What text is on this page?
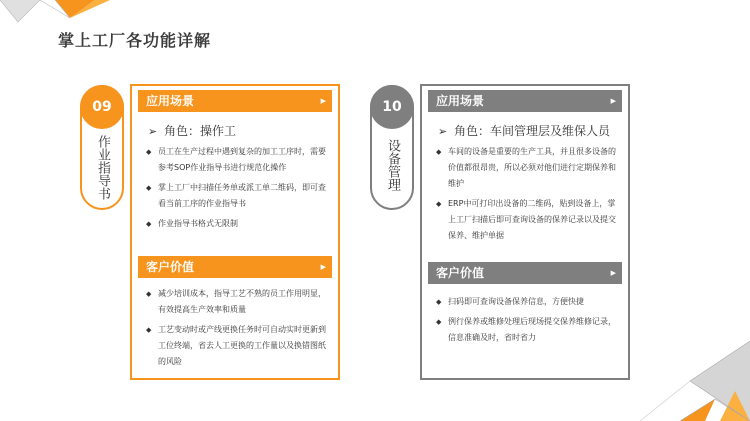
掌上工厂各功能详解
09
作业指导书
应用场景	▶
➢ 角色：操作工
◆ 员工在生产过程中遇到复杂的加工工序时，需要参考SOP作业指导书进行规范化操作
◆ 掌上工厂中扫描任务单或派工单二维码，即可查看当前工序的作业指导书
◆ 作业指导书格式无限制
客户价值	▶
◆ 减少培训成本，指导工艺不熟的员工作用明显，有效提高生产效率和质量
◆ 工艺变动时或产线更换任务时可自动实时更新到工位终端，省去人工更换的工作量以及换错图纸的风险
10
设备管理
应用场景	▶
➢ 角色：车间管理层及维保人员
◆ 车间的设备是重要的生产工具，并且很多设备的价值都很昂贵，所以必须对他们进行定期保养和维护
◆ ERP中可打印出设备的二维码，贴到设备上，掌上工厂扫描后即可查询设备的保养记录以及提交保养、维护单据
客户价值	▶
◆ 扫码即可查询设备保养信息，方便快捷
◆ 例行保养或维修处理后现场提交保养维修记录，信息准确及时，省时省力
